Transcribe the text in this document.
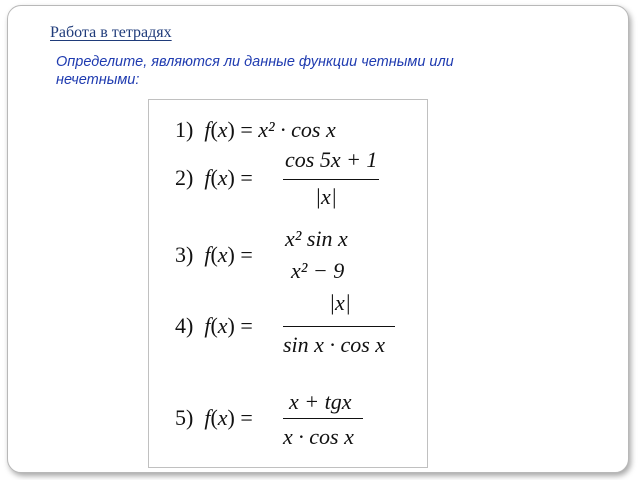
Работа в тетрадях
Определите, являются ли данные функции четными или нечетными:
1) f(x) = x² · cos x
2) f(x) =
cos 5x + 1
|x|
3) f(x) =
x² sin x
x² − 9
4) f(x) =
|x|
sin x · cos x
5) f(x) =
x + tgx
x · cos x
